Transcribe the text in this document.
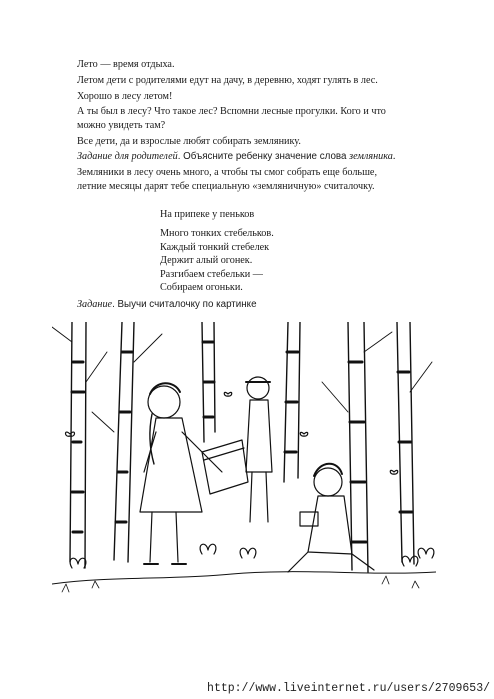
Лето — время отдыха.

Летом дети с родителями едут на дачу, в деревню, ходят гулять в лес.

Хорошо в лесу летом!

А ты был в лесу? Что такое лес? Вспомни лесные прогулки. Кого и что можно увидеть там?

Все дети, да и взрослые любят собирать землянику.

Задание для родителей. Объясните ребенку значение слова земляника.

Земляники в лесу очень много, а чтобы ты смог собрать еще больше, летние месяцы дарят тебе специальную «земляничную» считалочку.

На припеке у пеньков
Много тонких стебельков.
Каждый тонкий стебелек
Держит алый огонек.
Разгибаем стебельки —
Собираем огоньки.
Задание. Выучи считалочку по картинке
http://www.liveinternet.ru/users/2709653/
